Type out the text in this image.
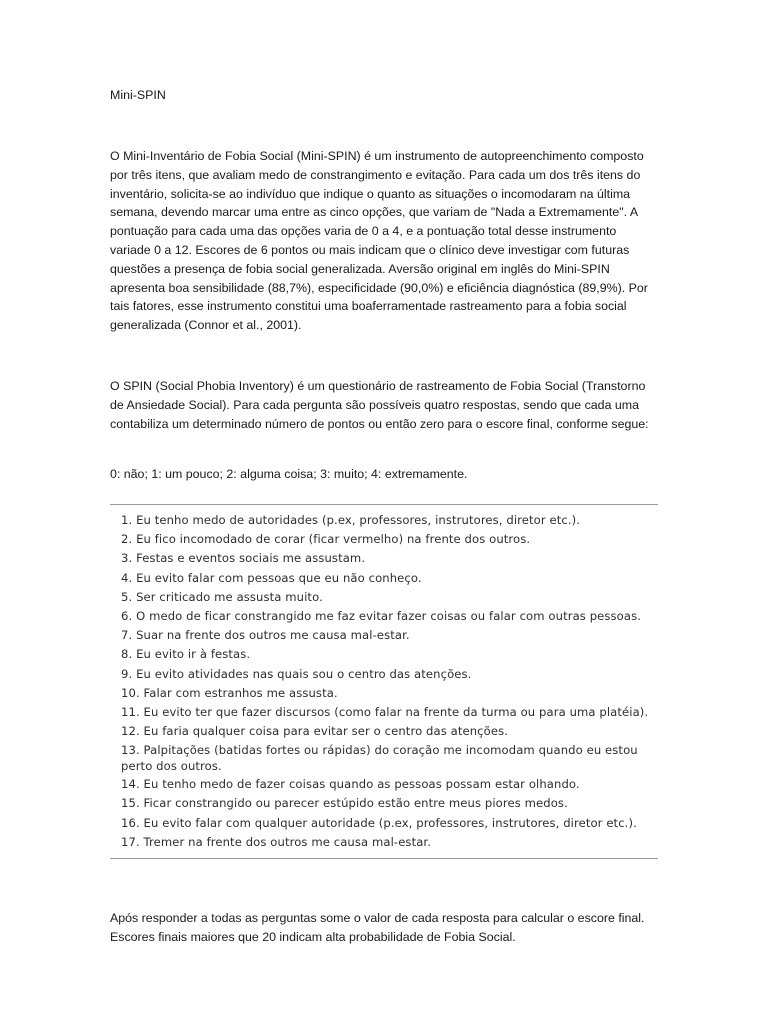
Mini-SPIN

O Mini-Inventário de Fobia Social (Mini-SPIN) é um instrumento de autopreenchimento composto por três itens, que avaliam medo de constrangimento e evitação. Para cada um dos três itens do inventário, solicita-se ao indivíduo que indique o quanto as situações o incomodaram na última semana, devendo marcar uma entre as cinco opções, que variam de "Nada a Extremamente". A pontuação para cada uma das opções varia de 0 a 4, e a pontuação total desse instrumento variade 0 a 12. Escores de 6 pontos ou mais indicam que o clínico deve investigar com futuras questões a presença de fobia social generalizada. Aversão original em inglês do Mini-SPIN apresenta boa sensibilidade (88,7%), especificidade (90,0%) e eficiência diagnóstica (89,9%). Por tais fatores, esse instrumento constitui uma boaferramentade rastreamento para a fobia social generalizada (Connor et al., 2001).

O SPIN (Social Phobia Inventory) é um questionário de rastreamento de Fobia Social (Transtorno de Ansiedade Social). Para cada pergunta são possíveis quatro respostas, sendo que cada uma contabiliza um determinado número de pontos ou então zero para o escore final, conforme segue:

0: não; 1: um pouco; 2: alguma coisa; 3: muito; 4: extremamente.

1. Eu tenho medo de autoridades (p.ex, professores, instrutores, diretor etc.).
2. Eu fico incomodado de corar (ficar vermelho) na frente dos outros.
3. Festas e eventos sociais me assustam.
4. Eu evito falar com pessoas que eu não conheço.
5. Ser criticado me assusta muito.
6. O medo de ficar constrangido me faz evitar fazer coisas ou falar com outras pessoas.
7. Suar na frente dos outros me causa mal-estar.
8. Eu evito ir à festas.
9. Eu evito atividades nas quais sou o centro das atenções.
10. Falar com estranhos me assusta.
11. Eu evito ter que fazer discursos (como falar na frente da turma ou para uma platéia).
12. Eu faria qualquer coisa para evitar ser o centro das atenções.
13. Palpitações (batidas fortes ou rápidas) do coração me incomodam quando eu estou perto dos outros.
14. Eu tenho medo de fazer coisas quando as pessoas possam estar olhando.
15. Ficar constrangido ou parecer estúpido estão entre meus piores medos.
16. Eu evito falar com qualquer autoridade (p.ex, professores, instrutores, diretor etc.).
17. Tremer na frente dos outros me causa mal-estar.

Após responder a todas as perguntas some o valor de cada resposta para calcular o escore final. Escores finais maiores que 20 indicam alta probabilidade de Fobia Social.
